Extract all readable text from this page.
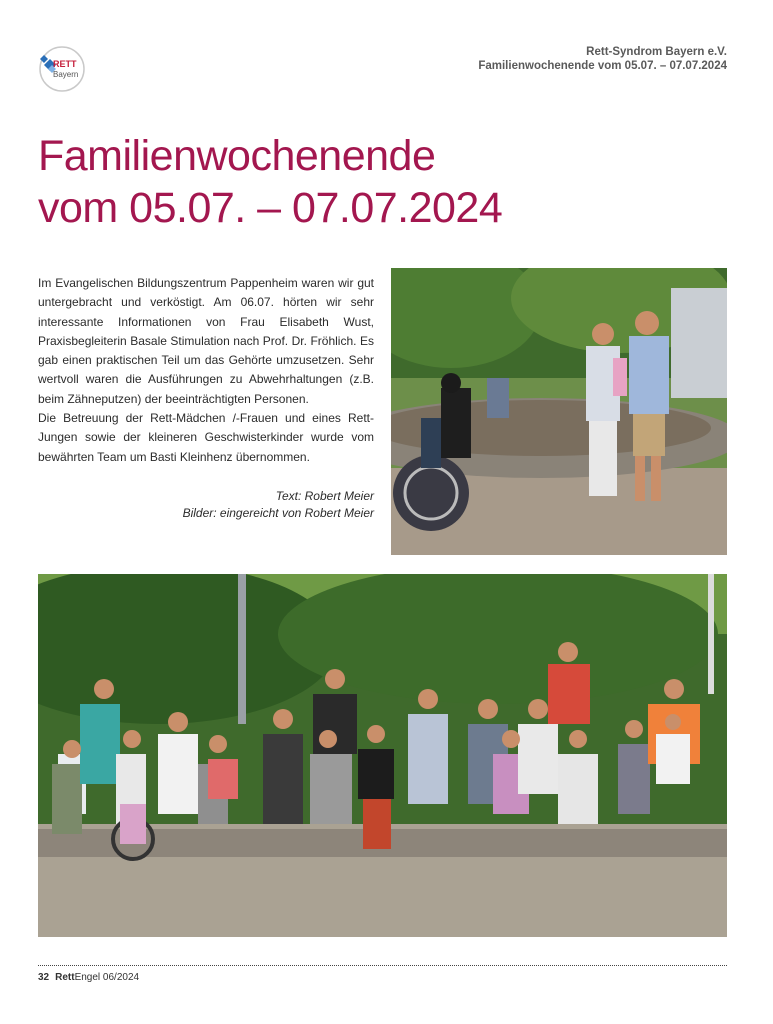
RETT
Bayern
Rett-Syndrom Bayern e.V.
Familienwochenende vom 05.07. – 07.07.2024
Familienwochenende
vom 05.07. – 07.07.2024

Im Evangelischen Bildungszentrum Pappenheim waren wir gut untergebracht und verköstigt. Am 06.07. hörten wir sehr interessante Informationen von Frau Elisabeth Wust, Praxisbegleiterin Basale Stimulation nach Prof. Dr. Fröhlich. Es gab einen praktischen Teil um das Gehörte umzusetzen. Sehr wertvoll waren die Ausführungen zu Abwehrhaltungen (z.B. beim Zähneputzen) der beeinträchtigten Personen.

Die Betreuung der Rett-Mädchen /-Frauen und eines Rett-Jungen sowie der kleineren Geschwisterkinder wurde vom bewährten Team um Basti Kleinhenz übernommen.

Text: Robert Meier
Bilder: eingereicht von Robert Meier
32 RettEngel 06/2024
